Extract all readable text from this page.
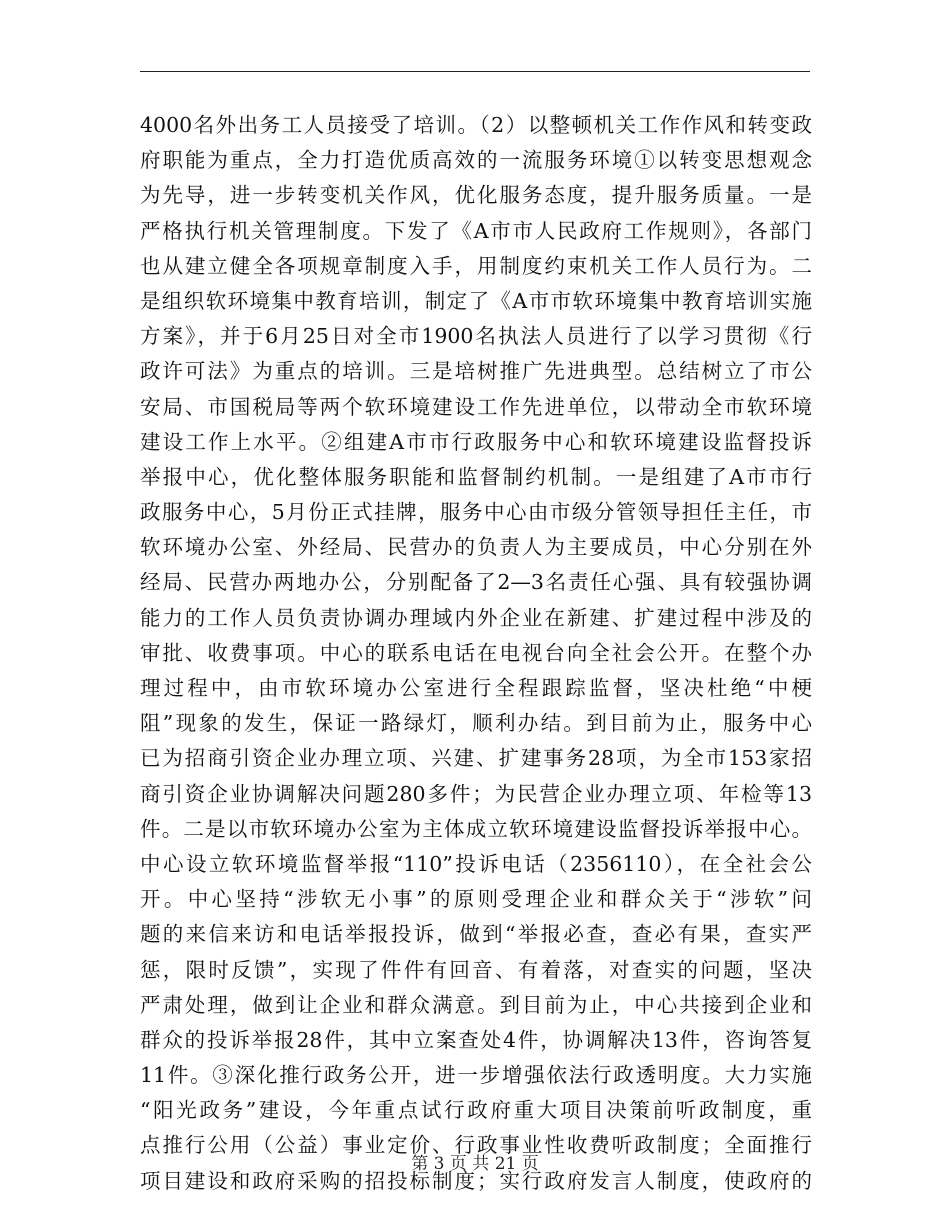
4000名外出务工人员接受了培训。（2）以整顿机关工作作风和转变政
府职能为重点，全力打造优质高效的一流服务环境①以转变思想观念
为先导，进一步转变机关作风，优化服务态度，提升服务质量。一是
严格执行机关管理制度。下发了《A市市人民政府工作规则》，各部门
也从建立健全各项规章制度入手，用制度约束机关工作人员行为。二
是组织软环境集中教育培训，制定了《A市市软环境集中教育培训实施
方案》，并于6月25日对全市1900名执法人员进行了以学习贯彻《行
政许可法》为重点的培训。三是培树推广先进典型。总结树立了市公
安局、市国税局等两个软环境建设工作先进单位，以带动全市软环境
建设工作上水平。②组建A市市行政服务中心和软环境建设监督投诉
举报中心，优化整体服务职能和监督制约机制。一是组建了A市市行
政服务中心，5月份正式挂牌，服务中心由市级分管领导担任主任，市
软环境办公室、外经局、民营办的负责人为主要成员，中心分别在外
经局、民营办两地办公，分别配备了2—3名责任心强、具有较强协调
能力的工作人员负责协调办理域内外企业在新建、扩建过程中涉及的
审批、收费事项。中心的联系电话在电视台向全社会公开。在整个办
理过程中，由市软环境办公室进行全程跟踪监督，坚决杜绝“中梗
阻”现象的发生，保证一路绿灯，顺利办结。到目前为止，服务中心
已为招商引资企业办理立项、兴建、扩建事务28项，为全市153家招
商引资企业协调解决问题280多件；为民营企业办理立项、年检等13
件。二是以市软环境办公室为主体成立软环境建设监督投诉举报中心。
中心设立软环境监督举报“110”投诉电话（2356110），在全社会公
开。中心坚持“涉软无小事”的原则受理企业和群众关于“涉软”问
题的来信来访和电话举报投诉，做到“举报必查，查必有果，查实严
惩，限时反馈”，实现了件件有回音、有着落，对查实的问题，坚决
严肃处理，做到让企业和群众满意。到目前为止，中心共接到企业和
群众的投诉举报28件，其中立案查处4件，协调解决13件，咨询答复
11件。③深化推行政务公开，进一步增强依法行政透明度。大力实施
“阳光政务”建设，今年重点试行政府重大项目决策前听政制度，重
点推行公用（公益）事业定价、行政事业性收费听政制度；全面推行
项目建设和政府采购的招投标制度；实行政府发言人制度，使政府的
第 3 页 共 21 页
